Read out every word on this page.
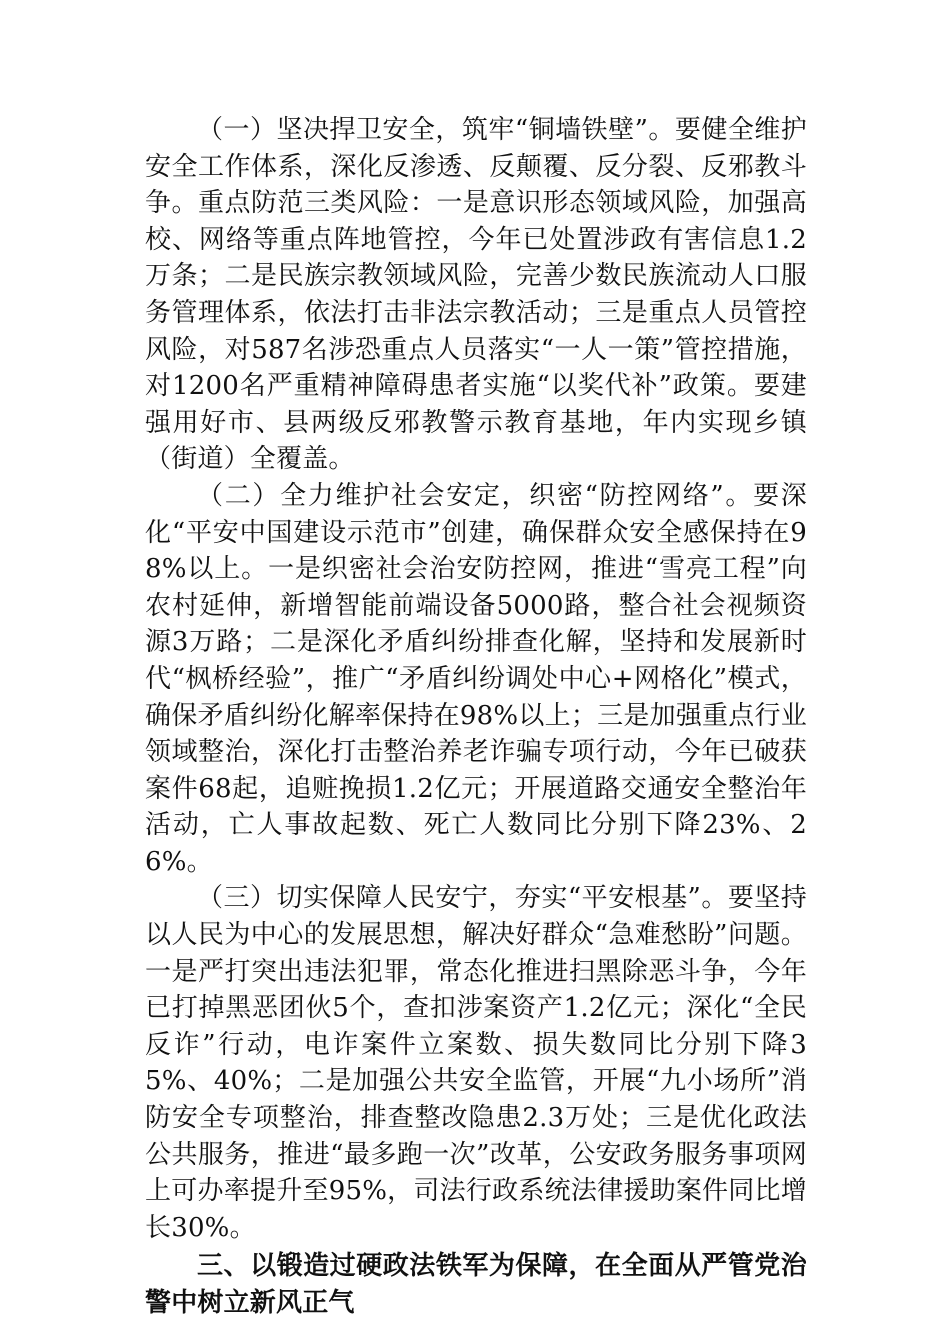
（一）坚决捍卫安全，筑牢“铜墙铁壁”。要健全维护安全工作体系，深化反渗透、反颠覆、反分裂、反邪教斗争。重点防范三类风险：一是意识形态领域风险，加强高校、网络等重点阵地管控，今年已处置涉政有害信息1.2万条；二是民族宗教领域风险，完善少数民族流动人口服务管理体系，依法打击非法宗教活动；三是重点人员管控风险，对587名涉恐重点人员落实“一人一策”管控措施，对1200名严重精神障碍患者实施“以奖代补”政策。要建强用好市、县两级反邪教警示教育基地，年内实现乡镇（街道）全覆盖。

（二）全力维护社会安定，织密“防控网络”。要深化“平安中国建设示范市”创建，确保群众安全感保持在98%以上。一是织密社会治安防控网，推进“雪亮工程”向农村延伸，新增智能前端设备5000路，整合社会视频资源3万路；二是深化矛盾纠纷排查化解，坚持和发展新时代“枫桥经验”，推广“矛盾纠纷调处中心+网格化”模式，确保矛盾纠纷化解率保持在98%以上；三是加强重点行业领域整治，深化打击整治养老诈骗专项行动，今年已破获案件68起，追赃挽损1.2亿元；开展道路交通安全整治年活动，亡人事故起数、死亡人数同比分别下降23%、26%。

（三）切实保障人民安宁，夯实“平安根基”。要坚持以人民为中心的发展思想，解决好群众“急难愁盼”问题。一是严打突出违法犯罪，常态化推进扫黑除恶斗争，今年已打掉黑恶团伙5个，查扣涉案资产1.2亿元；深化“全民反诈”行动，电诈案件立案数、损失数同比分别下降35%、40%；二是加强公共安全监管，开展“九小场所”消防安全专项整治，排查整改隐患2.3万处；三是优化政法公共服务，推进“最多跑一次”改革，公安政务服务事项网上可办率提升至95%，司法行政系统法律援助案件同比增长30%。

三、以锻造过硬政法铁军为保障，在全面从严管党治警中树立新风正气
